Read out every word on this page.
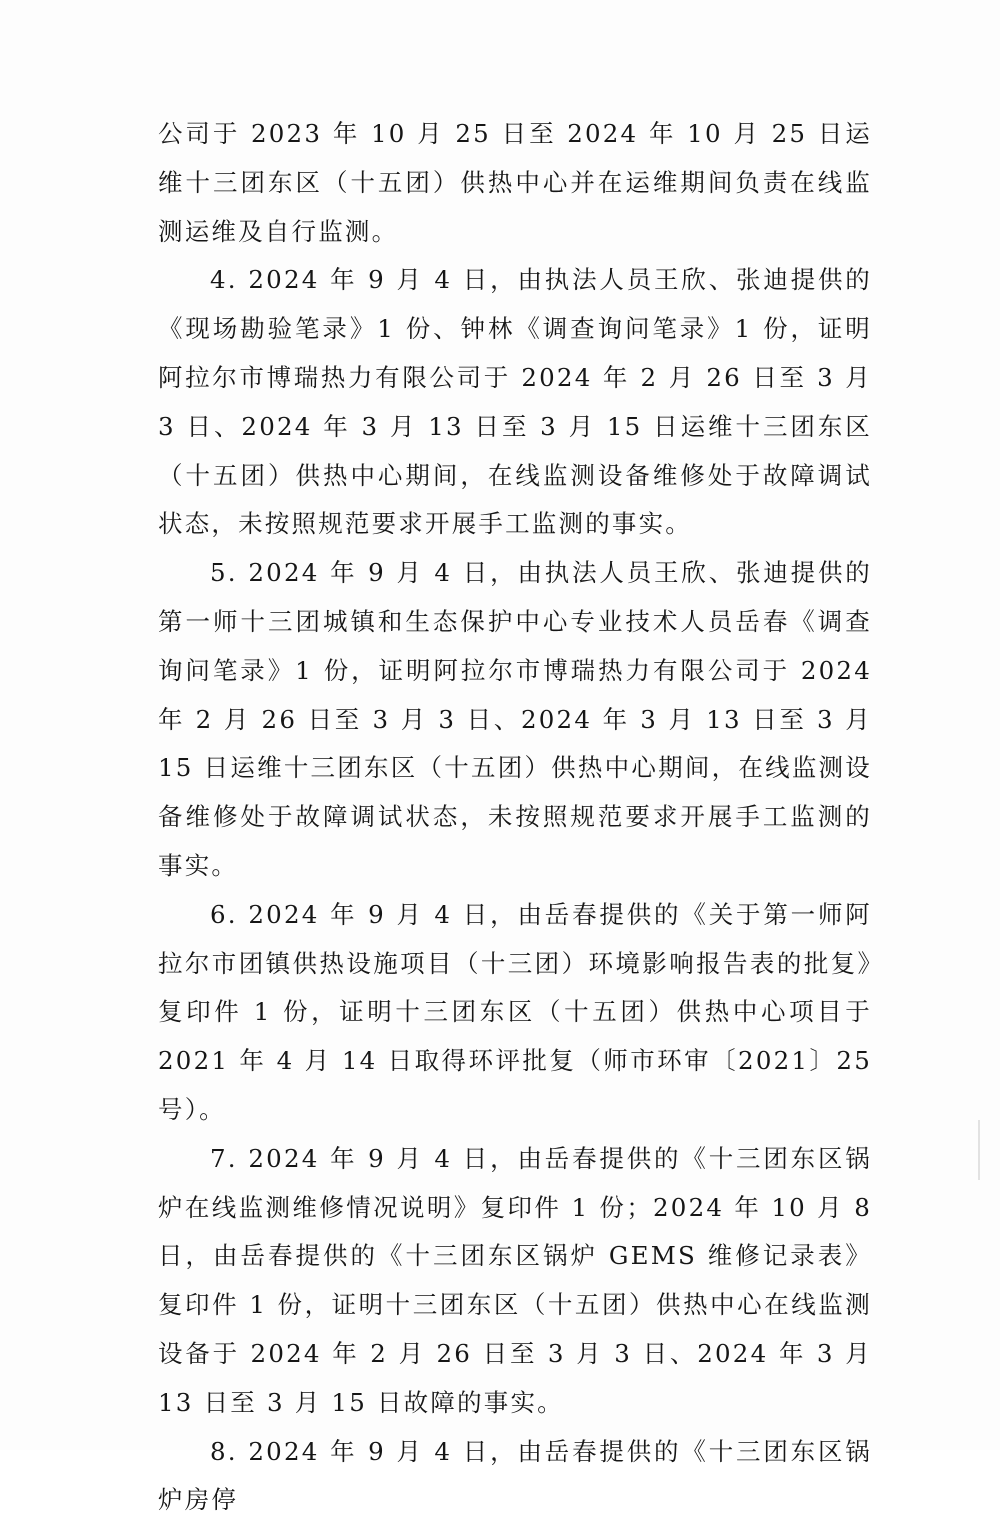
公司于 2023 年 10 月 25 日至 2024 年 10 月 25 日运维十三团东区（十五团）供热中心并在运维期间负责在线监测运维及自行监测。

4. 2024 年 9 月 4 日，由执法人员王欣、张迪提供的《现场勘验笔录》1 份、钟林《调查询问笔录》1 份，证明阿拉尔市博瑞热力有限公司于 2024 年 2 月 26 日至 3 月 3 日、2024 年 3 月 13 日至 3 月 15 日运维十三团东区（十五团）供热中心期间，在线监测设备维修处于故障调试状态，未按照规范要求开展手工监测的事实。

5. 2024 年 9 月 4 日，由执法人员王欣、张迪提供的第一师十三团城镇和生态保护中心专业技术人员岳春《调查询问笔录》1 份，证明阿拉尔市博瑞热力有限公司于 2024 年 2 月 26 日至 3 月 3 日、2024 年 3 月 13 日至 3 月 15 日运维十三团东区（十五团）供热中心期间，在线监测设备维修处于故障调试状态，未按照规范要求开展手工监测的事实。

6. 2024 年 9 月 4 日，由岳春提供的《关于第一师阿拉尔市团镇供热设施项目（十三团）环境影响报告表的批复》复印件 1 份，证明十三团东区（十五团）供热中心项目于 2021 年 4 月 14 日取得环评批复（师市环审〔2021〕25 号）。

7. 2024 年 9 月 4 日，由岳春提供的《十三团东区锅炉在线监测维修情况说明》复印件 1 份；2024 年 10 月 8 日，由岳春提供的《十三团东区锅炉 GEMS 维修记录表》复印件 1 份，证明十三团东区（十五团）供热中心在线监测设备于 2024 年 2 月 26 日至 3 月 3 日、2024 年 3 月 13 日至 3 月 15 日故障的事实。

8. 2024 年 9 月 4 日，由岳春提供的《十三团东区锅炉房停
